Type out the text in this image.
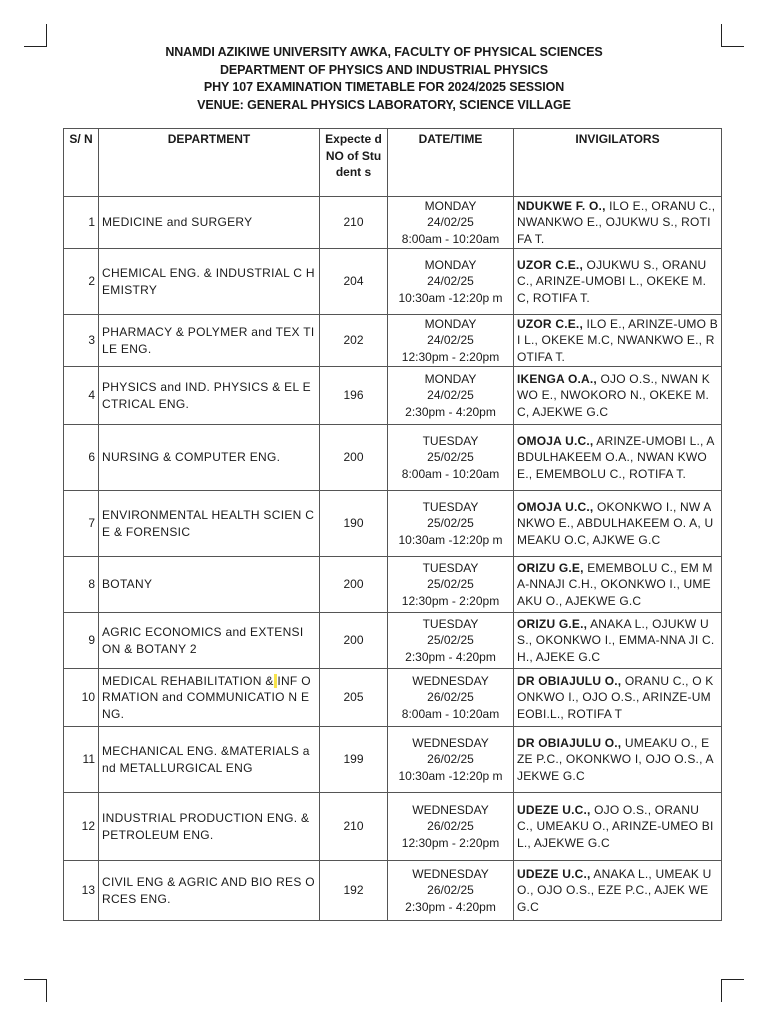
NNAMDI AZIKIWE UNIVERSITY AWKA, FACULTY OF PHYSICAL SCIENCES
DEPARTMENT OF PHYSICS AND INDUSTRIAL PHYSICS
PHY 107 EXAMINATION TIMETABLE FOR 2024/2025 SESSION
VENUE: GENERAL PHYSICS LABORATORY, SCIENCE VILLAGE
S/ N	DEPARTMENT	Expecte d NO of Student s	DATE/TIME	INVIGILATORS
1	MEDICINE and SURGERY	210	MONDAY
24/02/25
8:00am - 10:20am	NDUKWE F. O., ILO E., ORANU C., NWANKWO E., OJUKWU S., ROTIFA T.
2	CHEMICAL ENG. & INDUSTRIAL C HEMISTRY	204	MONDAY
24/02/25
10:30am -12:20p m	UZOR C.E., OJUKWU S., ORANU C., ARINZE-UMOBI L., OKEKE M.C, ROTIFA T.
3	PHARMACY & POLYMER and TEX TILE ENG.	202	MONDAY
24/02/25
12:30pm - 2:20pm	UZOR C.E., ILO E., ARINZE-UMO BI L., OKEKE M.C, NWANKWO E., ROTIFA T.
4	PHYSICS and IND. PHYSICS & EL ECTRICAL ENG.	196	MONDAY
24/02/25
2:30pm - 4:20pm	IKENGA O.A., OJO O.S., NWAN KWO E., NWOKORO N., OKEKE M.C, AJEKWE G.C
6	NURSING & COMPUTER ENG.	200	TUESDAY
25/02/25
8:00am - 10:20am	OMOJA U.C., ARINZE-UMOBI L., ABDULHAKEEM O.A., NWAN KWO E., EMEMBOLU C., ROTIFA T.
7	ENVIRONMENTAL HEALTH SCIEN CE & FORENSIC	190	TUESDAY
25/02/25
10:30am -12:20p m	OMOJA U.C., OKONKWO I., NW ANKWO E., ABDULHAKEEM O. A, UMEAKU O.C, AJKWE G.C
8	BOTANY	200	TUESDAY
25/02/25
12:30pm - 2:20pm	ORIZU G.E, EMEMBOLU C., EM MA-NNAJI C.H., OKONKWO I., UMEAKU O., AJEKWE G.C
9	AGRIC ECONOMICS and EXTENSI ON & BOTANY 2	200	TUESDAY
25/02/25
2:30pm - 4:20pm	ORIZU G.E., ANAKA L., OJUKW U S., OKONKWO I., EMMA-NNA JI C.H., AJEKE G.C
10	MEDICAL REHABILITATION & INF ORMATION and COMMUNICATIO N ENG.	205	WEDNESDAY
26/02/25
8:00am - 10:20am	DR OBIAJULU O., ORANU C., O KONKWO I., OJO O.S., ARINZE-UMEOBI.L., ROTIFA T
11	MECHANICAL ENG. &MATERIALS and METALLURGICAL ENG	199	WEDNESDAY
26/02/25
10:30am -12:20p m	DR OBIAJULU O., UMEAKU O., E ZE P.C., OKONKWO I, OJO O.S., AJEKWE G.C
12	INDUSTRIAL PRODUCTION ENG. & PETROLEUM ENG.	210	WEDNESDAY
26/02/25
12:30pm - 2:20pm	UDEZE U.C., OJO O.S., ORANU C., UMEAKU O., ARINZE-UMEO BI L., AJEKWE G.C
13	CIVIL ENG & AGRIC AND BIO RES ORCES ENG.	192	WEDNESDAY
26/02/25
2:30pm - 4:20pm	UDEZE U.C., ANAKA L., UMEAK U O., OJO O.S., EZE P.C., AJEK WE G.C
